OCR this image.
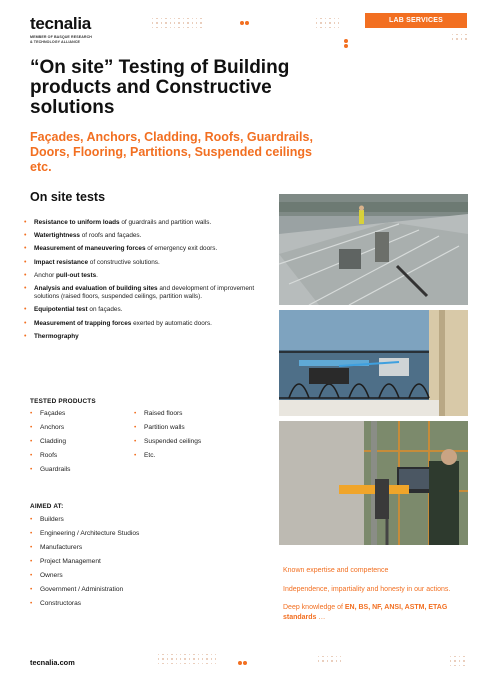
tecnalia
MEMBER OF BASQUE RESEARCH
& TECHNOLOGY ALLIANCE
LAB SERVICES
“On site” Testing of Building products and Constructive solutions
Façades, Anchors, Cladding, Roofs, Guardrails, Doors, Flooring, Partitions, Suspended ceilings etc.
On site tests
• Resistance to uniform loads of guardrails and partition walls.
• Watertightness of roofs and façades.
• Measurement of maneuvering forces of emergency exit doors.
• Impact resistance of constructive solutions.
• Anchor pull-out tests.
• Analysis and evaluation of building sites and development of improvement solutions (raised floors, suspended ceilings, partition walls).
• Equipotential test on façades.
• Measurement of trapping forces exerted by automatic doors.
• Thermography
TESTED PRODUCTS
• Façades
• Anchors
• Cladding
• Roofs
• Guardrails
• Raised floors
• Partition walls
• Suspended ceilings
• Etc.
AIMED AT:
• Builders
• Engineering / Architecture Studios
• Manufacturers
• Project Management
• Owners
• Government / Administration
• Constructoras

Known expertise and competence

Independence, impartiality and honesty in our actions.

Deep knowledge of EN, BS, NF, ANSI, ASTM, ETAG standards …

tecnalia.com
